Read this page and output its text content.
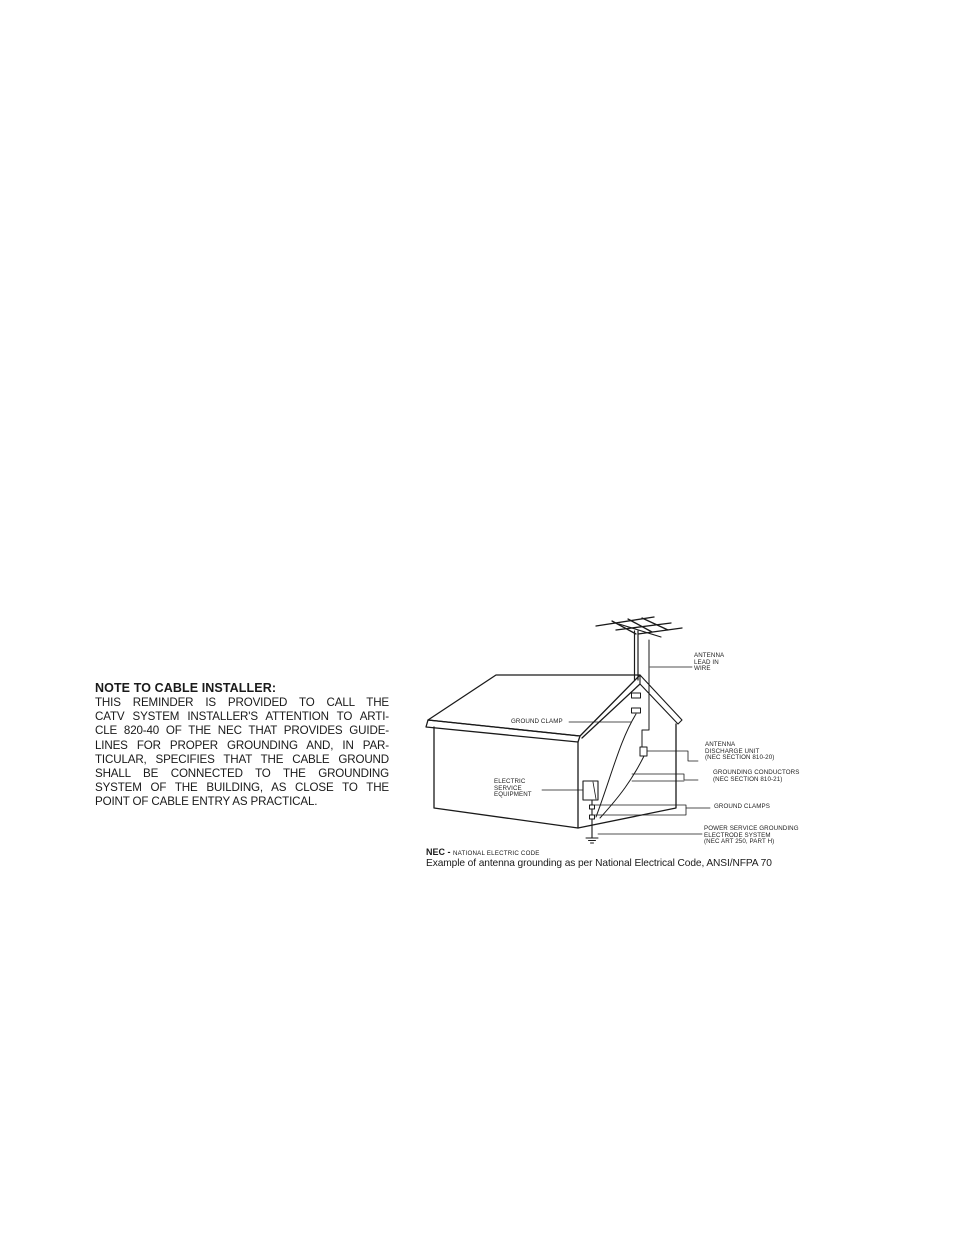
NOTE TO CABLE INSTALLER:

THIS REMINDER IS PROVIDED TO CALL THE
CATV SYSTEM INSTALLER'S ATTENTION TO ARTI-
CLE 820-40 OF THE NEC THAT PROVIDES GUIDE-
LINES FOR PROPER GROUNDING AND, IN PAR-
TICULAR, SPECIFIES THAT THE CABLE GROUND
SHALL BE CONNECTED TO THE GROUNDING
SYSTEM OF THE BUILDING, AS CLOSE TO THE
POINT OF CABLE ENTRY AS PRACTICAL.

ANTENNA
LEAD IN
WIRE
GROUND CLAMP
ANTENNA
DISCHARGE UNIT
(NEC SECTION 810-20)
GROUNDING CONDUCTORS
(NEC SECTION 810-21)
ELECTRIC
SERVICE
EQUIPMENT
GROUND CLAMPS
POWER SERVICE GROUNDING
ELECTRODE SYSTEM
(NEC ART 250, PART H)
NEC - NATIONAL ELECTRIC CODE
Example of antenna grounding as per National Electrical Code, ANSI/NFPA 70
